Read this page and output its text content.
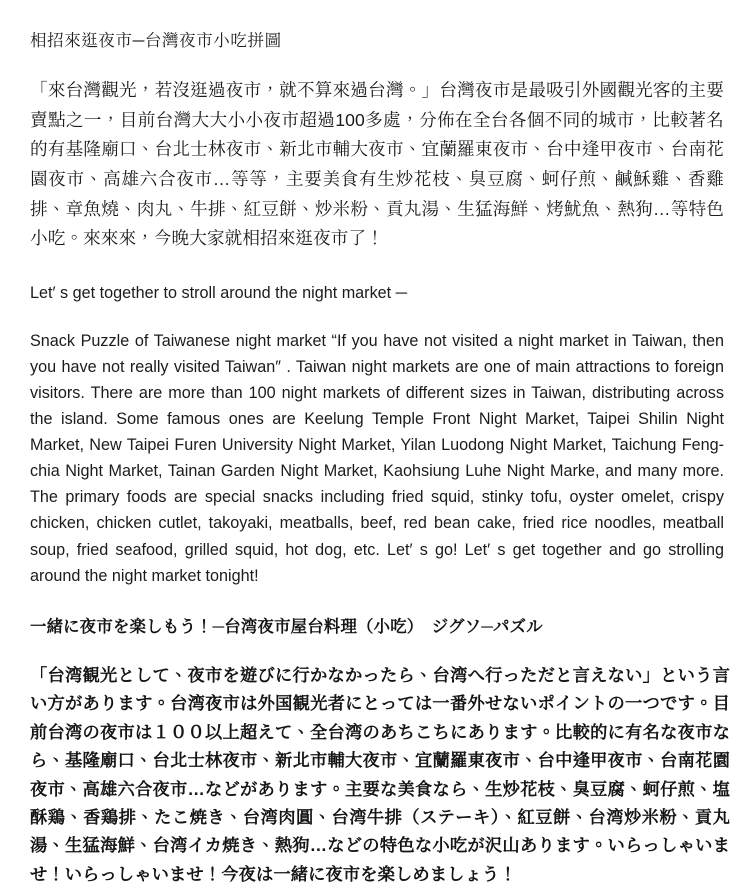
相招來逛夜市─台灣夜市小吃拼圖

「來台灣觀光，若沒逛過夜市，就不算來過台灣。」台灣夜市是最吸引外國觀光客的主要賣點之一，目前台灣大大小小夜市超過100多處，分佈在全台各個不同的城市，比較著名的有基隆廟口、台北士林夜市、新北市輔大夜市、宜蘭羅東夜市、台中逢甲夜市、台南花園夜市、高雄六合夜市…等等，主要美食有生炒花枝、臭豆腐、蚵仔煎、鹹穌雞、香雞排、章魚燒、肉丸、牛排、紅豆餅、炒米粉、貢丸湯、生猛海鮮、烤魷魚、熱狗…等特色小吃。來來來，今晚大家就相招來逛夜市了！

Let′ s get together to stroll around the night market ─

Snack Puzzle of Taiwanese night market “If you have not visited a night market in Taiwan, then you have not really visited Taiwan″ . Taiwan night markets are one of main attractions to foreign visitors. There are more than 100 night markets of different sizes in Taiwan, distributing across the island. Some famous ones are Keelung Temple Front Night Market, Taipei Shilin Night Market, New Taipei Furen University Night Market, Yilan Luodong Night Market, Taichung Feng-chia Night Market, Tainan Garden Night Market, Kaohsiung Luhe Night Marke, and many more. The primary foods are special snacks including fried squid, stinky tofu, oyster omelet, crispy chicken, chicken cutlet, takoyaki, meatballs, beef, red bean cake, fried rice noodles, meatball soup, fried seafood, grilled squid, hot dog, etc. Let′ s go! Let′ s get together and go strolling around the night market tonight!

一緒に夜市を楽しもう！─台湾夜市屋台料理（小吃）　ジグソ─パズル

「台湾観光として、夜市を遊びに行かなかったら、台湾へ行っただと言えない」という言い方があります。台湾夜市は外国観光者にとっては一番外せないポイントの一つです。目前台湾の夜市は１００以上超えて、全台湾のあちこちにあります。比較的に有名な夜市なら、基隆廟口、台北士林夜市、新北市輔大夜市、宜蘭羅東夜市、台中逢甲夜市、台南花園夜市、高雄六合夜市…などがあります。主要な美食なら、生炒花枝、臭豆腐、蚵仔煎、塩酥鶏、香鶏排、たこ焼き、台湾肉圓、台湾牛排（ステーキ）、紅豆餅、台湾炒米粉、貢丸湯、生猛海鮮、台湾イカ焼き、熱狗…などの特色な小吃が沢山あります。いらっしゃいませ！いらっしゃいませ！今夜は一緒に夜市を楽しめましょう！
